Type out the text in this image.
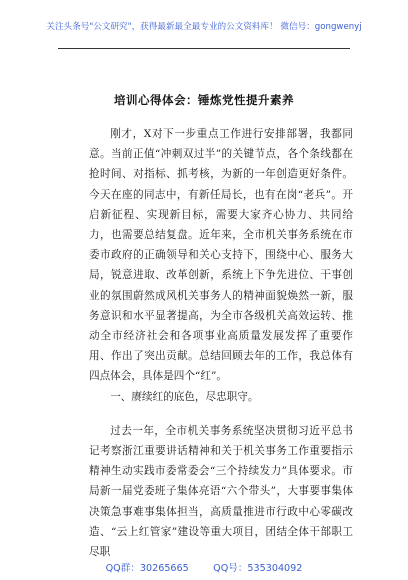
关注头条号"公文研究"，获得最新最全最专业的公文资料库！ 微信号：gongwenyj
培训心得体会：锤炼党性提升素养

刚才，X对下一步重点工作进行安排部署，我都同意。当前正值“冲刺双过半”的关键节点，各个条线都在抢时间、对指标、抓考核，为新的一年创造更好条件。今天在座的同志中，有新任局长，也有在岗“老兵”。开启新征程、实现新目标，需要大家齐心协力、共同给力，也需要总结复盘。近年来，全市机关事务系统在市委市政府的正确领导和关心支持下，围绕中心、服务大局，锐意进取、改革创新，系统上下争先进位、干事创业的氛围蔚然成风机关事务人的精神面貌焕然一新，服务意识和水平显著提高，为全市各级机关高效运转、推动全市经济社会和各项事业高质量发展发挥了重要作用、作出了突出贡献。总结回顾去年的工作，我总体有四点体会，具体是四个“红”。

一、赓续红的底色，尽忠职守。

过去一年，全市机关事务系统坚决贯彻习近平总书记考察浙江重要讲话精神和关于机关事务工作重要指示精神生动实践市委常委会“三个持续发力”具体要求。市局新一届党委班子集体亮语“六个带头”，大事要事集体决策急事难事集体担当，高质量推进市行政中心零碳改造、“云上红管家”建设等重大项目，团结全体干部职工尽职

QQ群：30265665        QQ号：535304092
